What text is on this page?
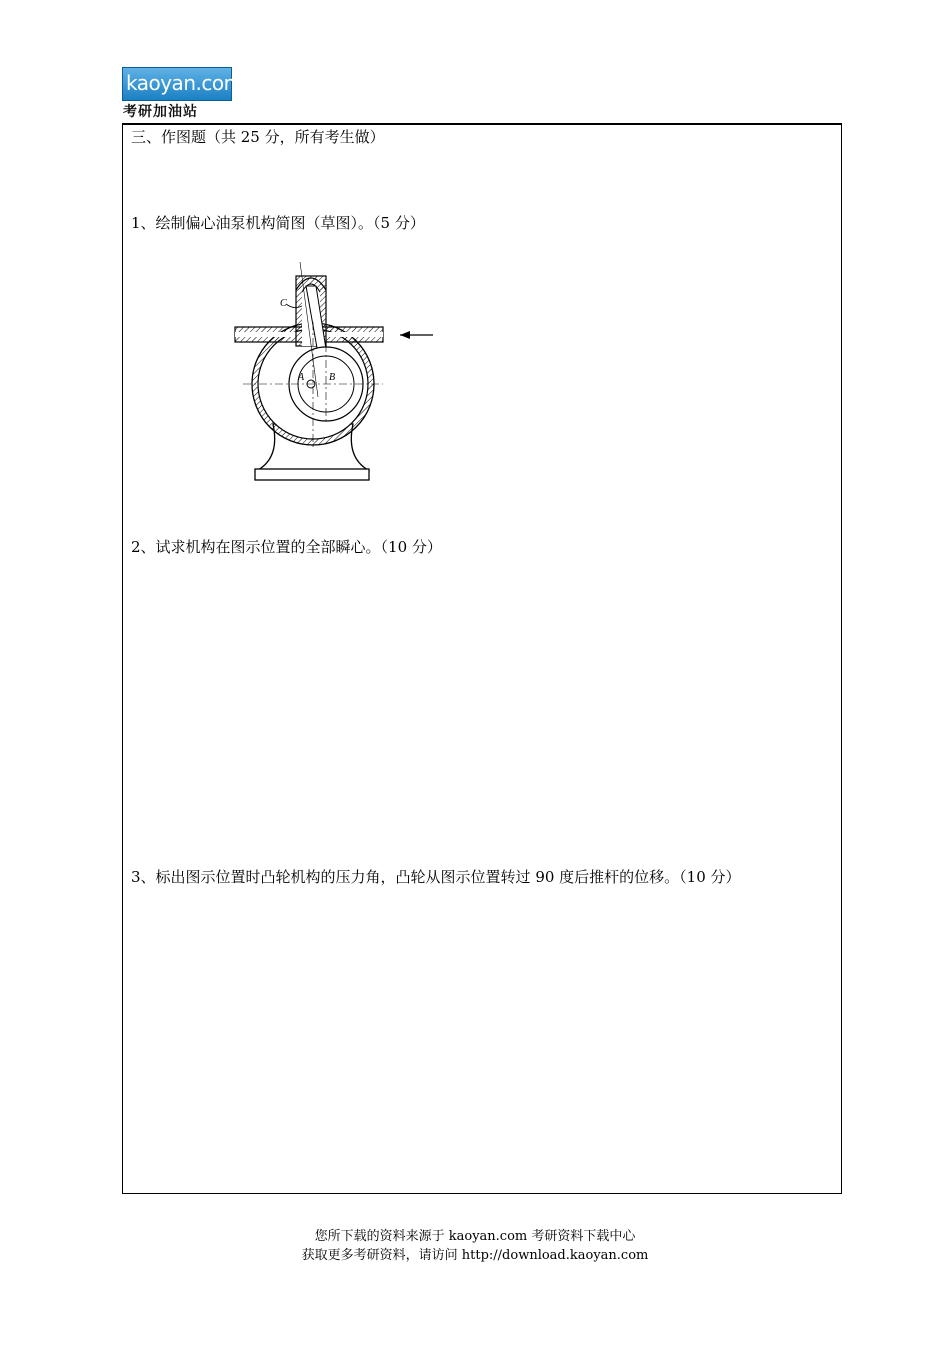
kaoyan.com
考研加油站
三、作图题（共 25 分，所有考生做）
1、绘制偏心油泵机构简图（草图）。（5 分）
2、试求机构在图示位置的全部瞬心。（10 分）
3、标出图示位置时凸轮机构的压力角，凸轮从图示位置转过 90 度后推杆的位移。（10 分）
A B
C
您所下载的资料来源于 kaoyan.com 考研资料下载中心
获取更多考研资料，请访问 http://download.kaoyan.com
